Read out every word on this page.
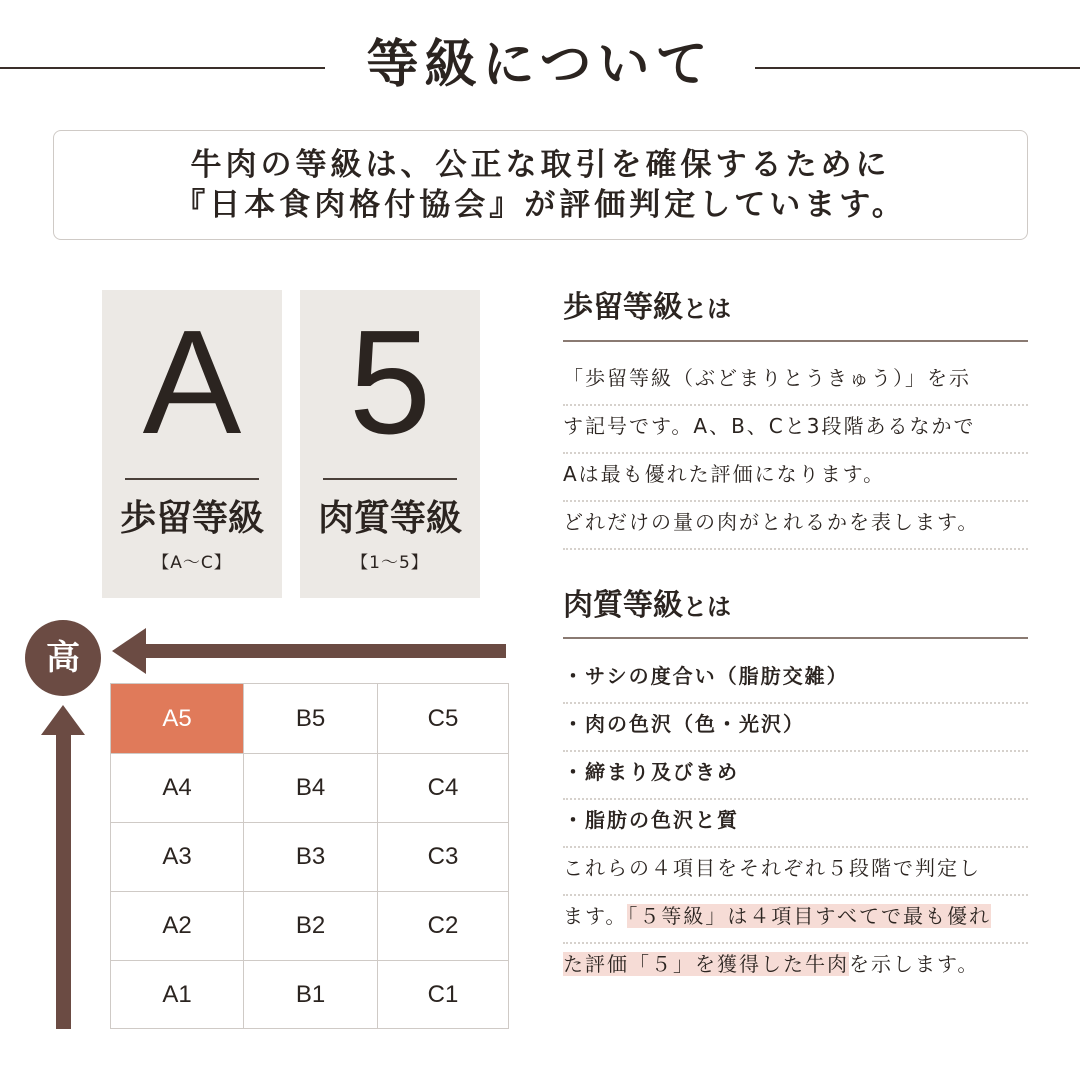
等級について
牛肉の等級は、公正な取引を確保するために
『日本食肉格付協会』が評価判定しています。
A
歩留等級
【A〜C】
5
肉質等級
【1〜5】
高
A5	B5	C5
A4	B4	C4
A3	B3	C3
A2	B2	C2
A1	B1	C1
歩留等級とは
「歩留等級（ぶどまりとうきゅう）」を示
す記号です。A、B、Cと3段階あるなかで
Aは最も優れた評価になります。
どれだけの量の肉がとれるかを表します。
肉質等級とは
・サシの度合い（脂肪交雑）
・肉の色沢（色・光沢）
・締まり及びきめ
・脂肪の色沢と質
これらの４項目をそれぞれ５段階で判定し
ます。「５等級」は４項目すべてで最も優れ
た評価「５」を獲得した牛肉を示します。
